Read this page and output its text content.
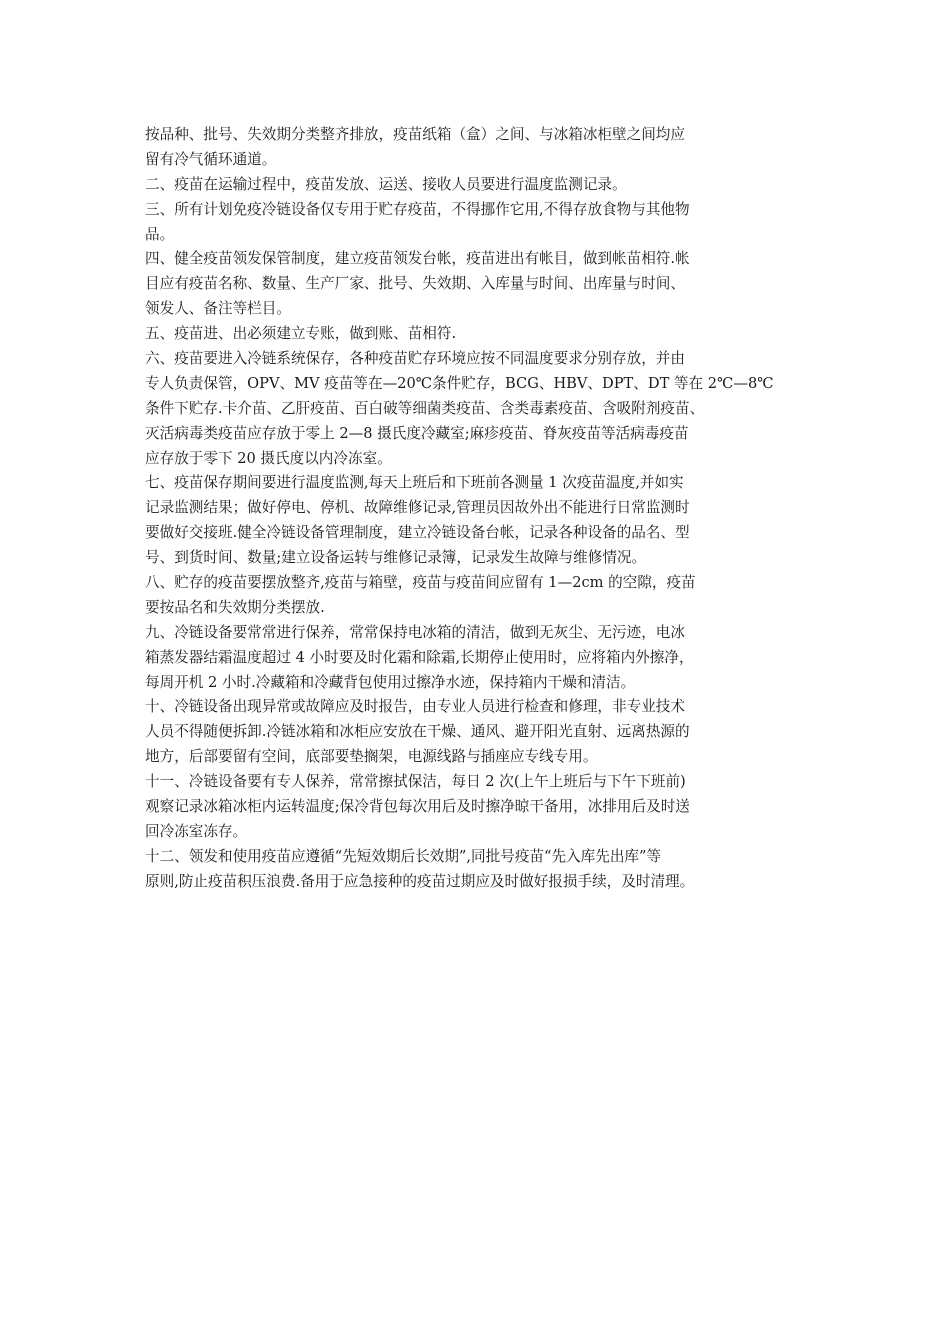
按品种、批号、失效期分类整齐排放，疫苗纸箱（盒）之间、与冰箱冰柜壁之间均应
留有冷气循环通道。
二、疫苗在运输过程中，疫苗发放、运送、接收人员要进行温度监测记录。
三、所有计划免疫冷链设备仅专用于贮存疫苗，不得挪作它用,不得存放食物与其他物
品。
四、健全疫苗领发保管制度，建立疫苗领发台帐，疫苗进出有帐目，做到帐苗相符.帐
目应有疫苗名称、数量、生产厂家、批号、失效期、入库量与时间、出库量与时间、
领发人、备注等栏目。
五、疫苗进、出必须建立专账，做到账、苗相符.
六、疫苗要进入冷链系统保存，各种疫苗贮存环境应按不同温度要求分别存放，并由
专人负责保管，OPV、MV 疫苗等在—20℃条件贮存，BCG、HBV、DPT、DT 等在 2℃—8℃
条件下贮存.卡介苗、乙肝疫苗、百白破等细菌类疫苗、含类毒素疫苗、含吸附剂疫苗、
灭活病毒类疫苗应存放于零上 2—8 摄氏度冷藏室;麻疹疫苗、脊灰疫苗等活病毒疫苗
应存放于零下 20 摄氏度以内冷冻室。
七、疫苗保存期间要进行温度监测,每天上班后和下班前各测量 1 次疫苗温度,并如实
记录监测结果；做好停电、停机、故障维修记录,管理员因故外出不能进行日常监测时
要做好交接班.健全冷链设备管理制度，建立冷链设备台帐，记录各种设备的品名、型
号、到货时间、数量;建立设备运转与维修记录簿，记录发生故障与维修情况。
八、贮存的疫苗要摆放整齐,疫苗与箱壁，疫苗与疫苗间应留有 1—2cm 的空隙，疫苗
要按品名和失效期分类摆放.
九、冷链设备要常常进行保养，常常保持电冰箱的清洁，做到无灰尘、无污迹，电冰
箱蒸发器结霜温度超过 4 小时要及时化霜和除霜,长期停止使用时，应将箱内外擦净，
每周开机 2 小时.冷藏箱和冷藏背包使用过擦净水迹，保持箱内干燥和清洁。
十、冷链设备出现异常或故障应及时报告，由专业人员进行检查和修理，非专业技术
人员不得随便拆卸.冷链冰箱和冰柜应安放在干燥、通风、避开阳光直射、远离热源的
地方，后部要留有空间，底部要垫搁架，电源线路与插座应专线专用。
十一、冷链设备要有专人保养，常常擦拭保洁，每日 2 次(上午上班后与下午下班前)
观察记录冰箱冰柜内运转温度;保冷背包每次用后及时擦净晾干备用，冰排用后及时送
回冷冻室冻存。
十二、领发和使用疫苗应遵循“先短效期后长效期”,同批号疫苗“先入库先出库”等
原则,防止疫苗积压浪费.备用于应急接种的疫苗过期应及时做好报损手续，及时清理。
